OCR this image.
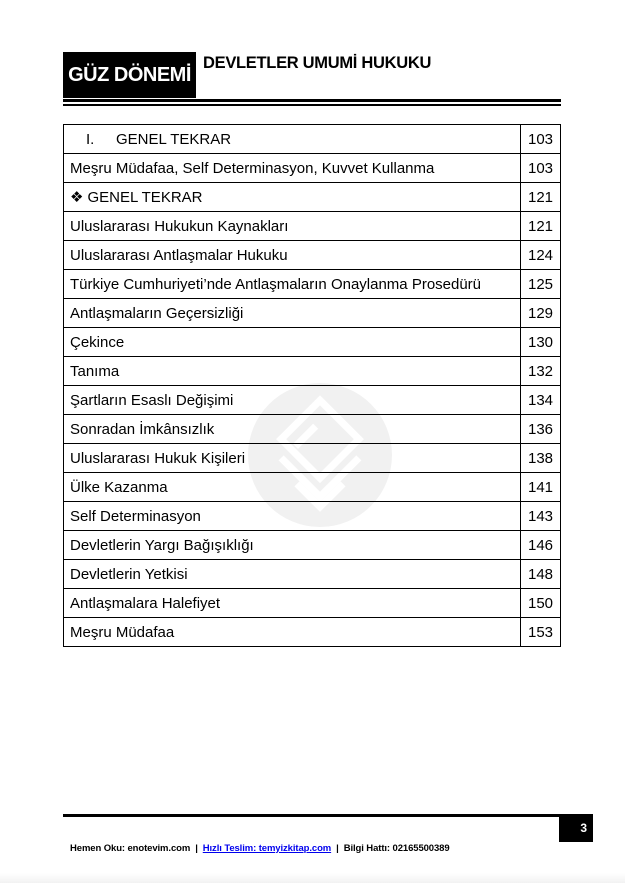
GÜZ DÖNEMİ
DEVLETLER UMUMİ HUKUKU
I. GENEL TEKRAR	103
Meşru Müdafaa, Self Determinasyon, Kuvvet Kullanma	103
❖ GENEL TEKRAR	121
Uluslararası Hukukun Kaynakları	121
Uluslararası Antlaşmalar Hukuku	124
Türkiye Cumhuriyeti’nde Antlaşmaların Onaylanma Prosedürü	125
Antlaşmaların Geçersizliği	129
Çekince	130
Tanıma	132
Şartların Esaslı Değişimi	134
Sonradan İmkânsızlık	136
Uluslararası Hukuk Kişileri	138
Ülke Kazanma	141
Self Determinasyon	143
Devletlerin Yargı Bağışıklığı	146
Devletlerin Yetkisi	148
Antlaşmalara Halefiyet	150
Meşru Müdafaa	153
3
Hemen Oku: enotevim.com | Hızlı Teslim: temyizkitap.com | Bilgi Hattı: 02165500389
